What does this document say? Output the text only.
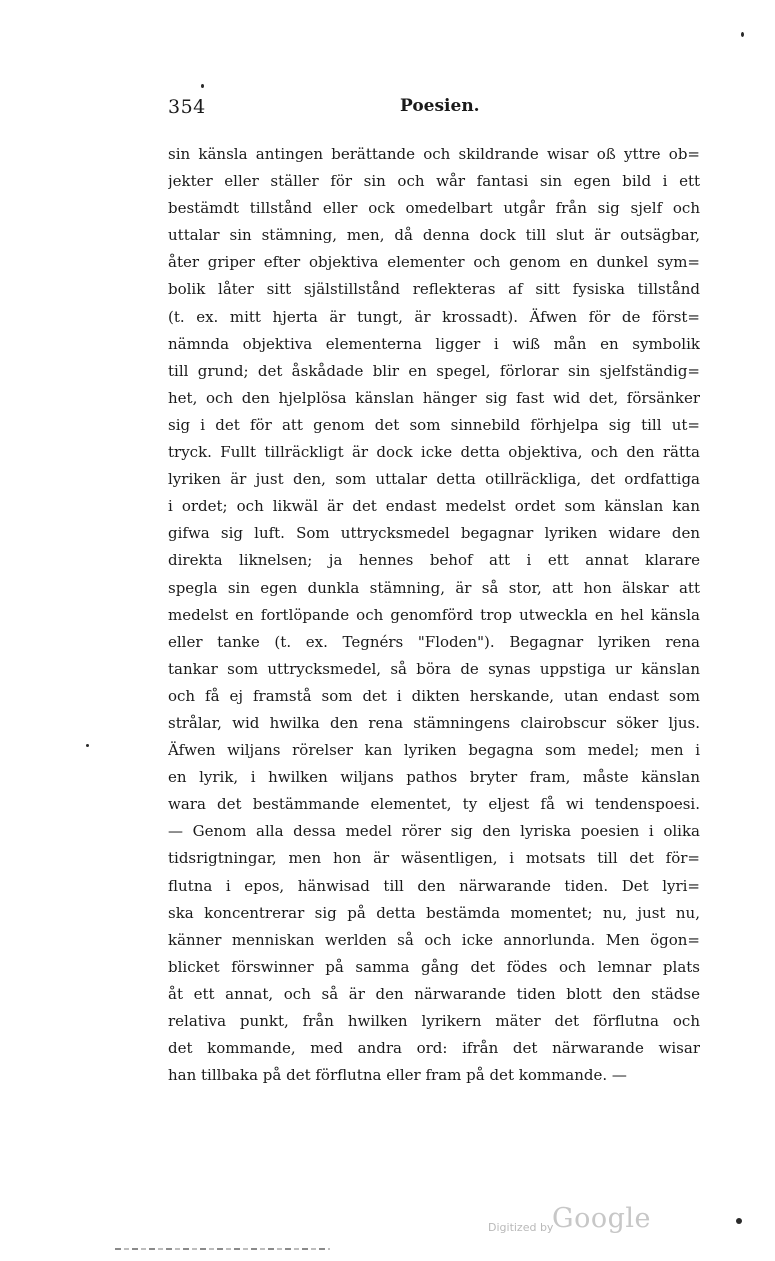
354	Poesien.
sin känsla antingen berättande och skildrande wisar oß yttre ob=
jekter eller ställer för sin och wår fantasi sin egen bild i ett
bestämdt tillstånd eller ock omedelbart utgår från sig sjelf och
uttalar sin stämning, men, då denna dock till slut är outsägbar,
åter griper efter objektiva elementer och genom en dunkel sym=
bolik låter sitt själstillstånd reflekteras af sitt fysiska tillstånd
(t. ex. mitt hjerta är tungt, är krossadt). Äfwen för de först=
nämnda objektiva elementerna ligger i wiß mån en symbolik
till grund; det åskådade blir en spegel, förlorar sin sjelfständig=
het, och den hjelplösa känslan hänger sig fast wid det, försänker
sig i det för att genom det som sinnebild förhjelpa sig till ut=
tryck. Fullt tillräckligt är dock icke detta objektiva, och den rätta
lyriken är just den, som uttalar detta otillräckliga, det ordfattiga
i ordet; och likwäl är det endast medelst ordet som känslan kan
gifwa sig luft. Som uttrycksmedel begagnar lyriken widare den
direkta liknelsen; ja hennes behof att i ett annat klarare
spegla sin egen dunkla stämning, är så stor, att hon älskar att
medelst en fortlöpande och genomförd trop utweckla en hel känsla
eller tanke (t. ex. Tegnérs "Floden"). Begagnar lyriken rena
tankar som uttrycksmedel, så böra de synas uppstiga ur känslan
och få ej framstå som det i dikten herskande, utan endast som
strålar, wid hwilka den rena stämningens clairobscur söker ljus.
Äfwen wiljans rörelser kan lyriken begagna som medel; men i
en lyrik, i hwilken wiljans pathos bryter fram, måste känslan
wara det bestämmande elementet, ty eljest få wi tendenspoesi.
— Genom alla dessa medel rörer sig den lyriska poesien i olika
tidsrigtningar, men hon är wäsentligen, i motsats till det för=
flutna i epos, hänwisad till den närwarande tiden. Det lyri=
ska koncentrerar sig på detta bestämda momentet; nu, just nu,
känner menniskan werlden så och icke annorlunda. Men ögon=
blicket förswinner på samma gång det födes och lemnar plats
åt ett annat, och så är den närwarande tiden blott den städse
relativa punkt, från hwilken lyrikern mäter det förflutna och
det kommande, med andra ord: ifrån det närwarande wisar
han tillbaka på det förflutna eller fram på det kommande. —
Digitized by
Google
